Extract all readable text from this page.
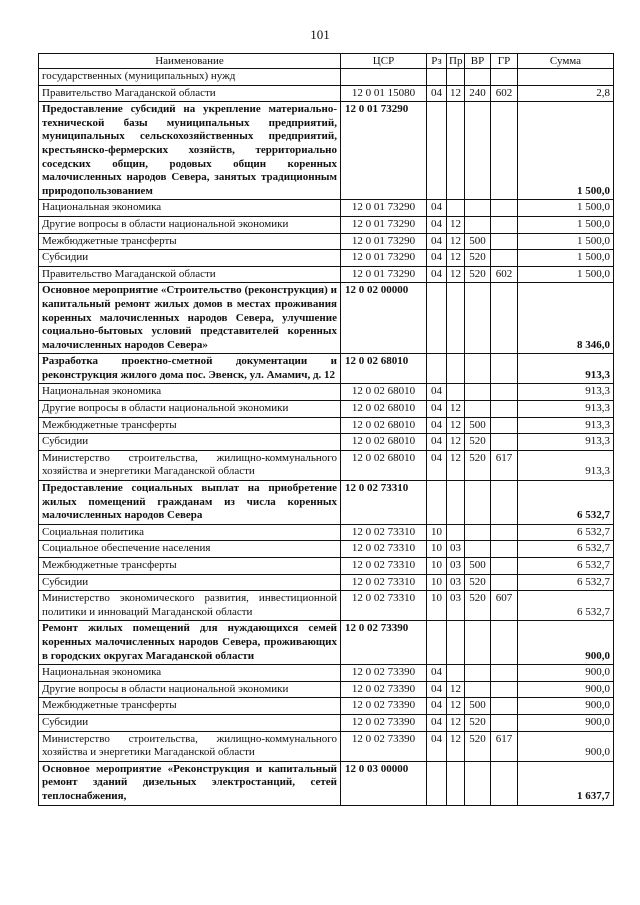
101
Наименование	ЦСР	Рз	Пр	ВР	ГР	Сумма
государственных (муниципальных) нужд						
Правительство Магаданской области	12 0 01 15080	04	12	240	602	2,8
Предоставление субсидий на укрепление материально-технической базы муниципальных предприятий, муниципальных сельскохозяйственных предприятий, крестьянско-фермерских хозяйств, территориально соседских общин, родовых общин коренных малочисленных народов Севера, занятых традиционным природопользованием	12 0 01 73290					1 500,0
Национальная экономика	12 0 01 73290	04				1 500,0
Другие вопросы в области национальной экономики	12 0 01 73290	04	12			1 500,0
Межбюджетные трансферты	12 0 01 73290	04	12	500		1 500,0
Субсидии	12 0 01 73290	04	12	520		1 500,0
Правительство Магаданской области	12 0 01 73290	04	12	520	602	1 500,0
Основное мероприятие «Строительство (реконструкция) и капитальный ремонт жилых домов в местах проживания коренных малочисленных народов Севера, улучшение социально-бытовых условий представителей коренных малочисленных народов Севера»	12 0 02 00000					8 346,0
Разработка проектно-сметной документации и реконструкция жилого дома пос. Эвенск, ул. Амамич, д. 12	12 0 02 68010					913,3
Национальная экономика	12 0 02 68010	04				913,3
Другие вопросы в области национальной экономики	12 0 02 68010	04	12			913,3
Межбюджетные трансферты	12 0 02 68010	04	12	500		913,3
Субсидии	12 0 02 68010	04	12	520		913,3
Министерство строительства, жилищно-коммунального хозяйства и энергетики Магаданской области	12 0 02 68010	04	12	520	617	913,3
Предоставление социальных выплат на приобретение жилых помещений гражданам из числа коренных малочисленных народов Севера	12 0 02 73310					6 532,7
Социальная политика	12 0 02 73310	10				6 532,7
Социальное обеспечение населения	12 0 02 73310	10	03			6 532,7
Межбюджетные трансферты	12 0 02 73310	10	03	500		6 532,7
Субсидии	12 0 02 73310	10	03	520		6 532,7
Министерство экономического развития, инвестиционной политики и инноваций Магаданской области	12 0 02 73310	10	03	520	607	6 532,7
Ремонт жилых помещений для нуждающихся семей коренных малочисленных народов Севера, проживающих в городских округах Магаданской области	12 0 02 73390					900,0
Национальная экономика	12 0 02 73390	04				900,0
Другие вопросы в области национальной экономики	12 0 02 73390	04	12			900,0
Межбюджетные трансферты	12 0 02 73390	04	12	500		900,0
Субсидии	12 0 02 73390	04	12	520		900,0
Министерство строительства, жилищно-коммунального хозяйства и энергетики Магаданской области	12 0 02 73390	04	12	520	617	900,0
Основное мероприятие «Реконструкция и капитальный ремонт зданий дизельных электростанций, сетей теплоснабжения,	12 0 03 00000					1 637,7
